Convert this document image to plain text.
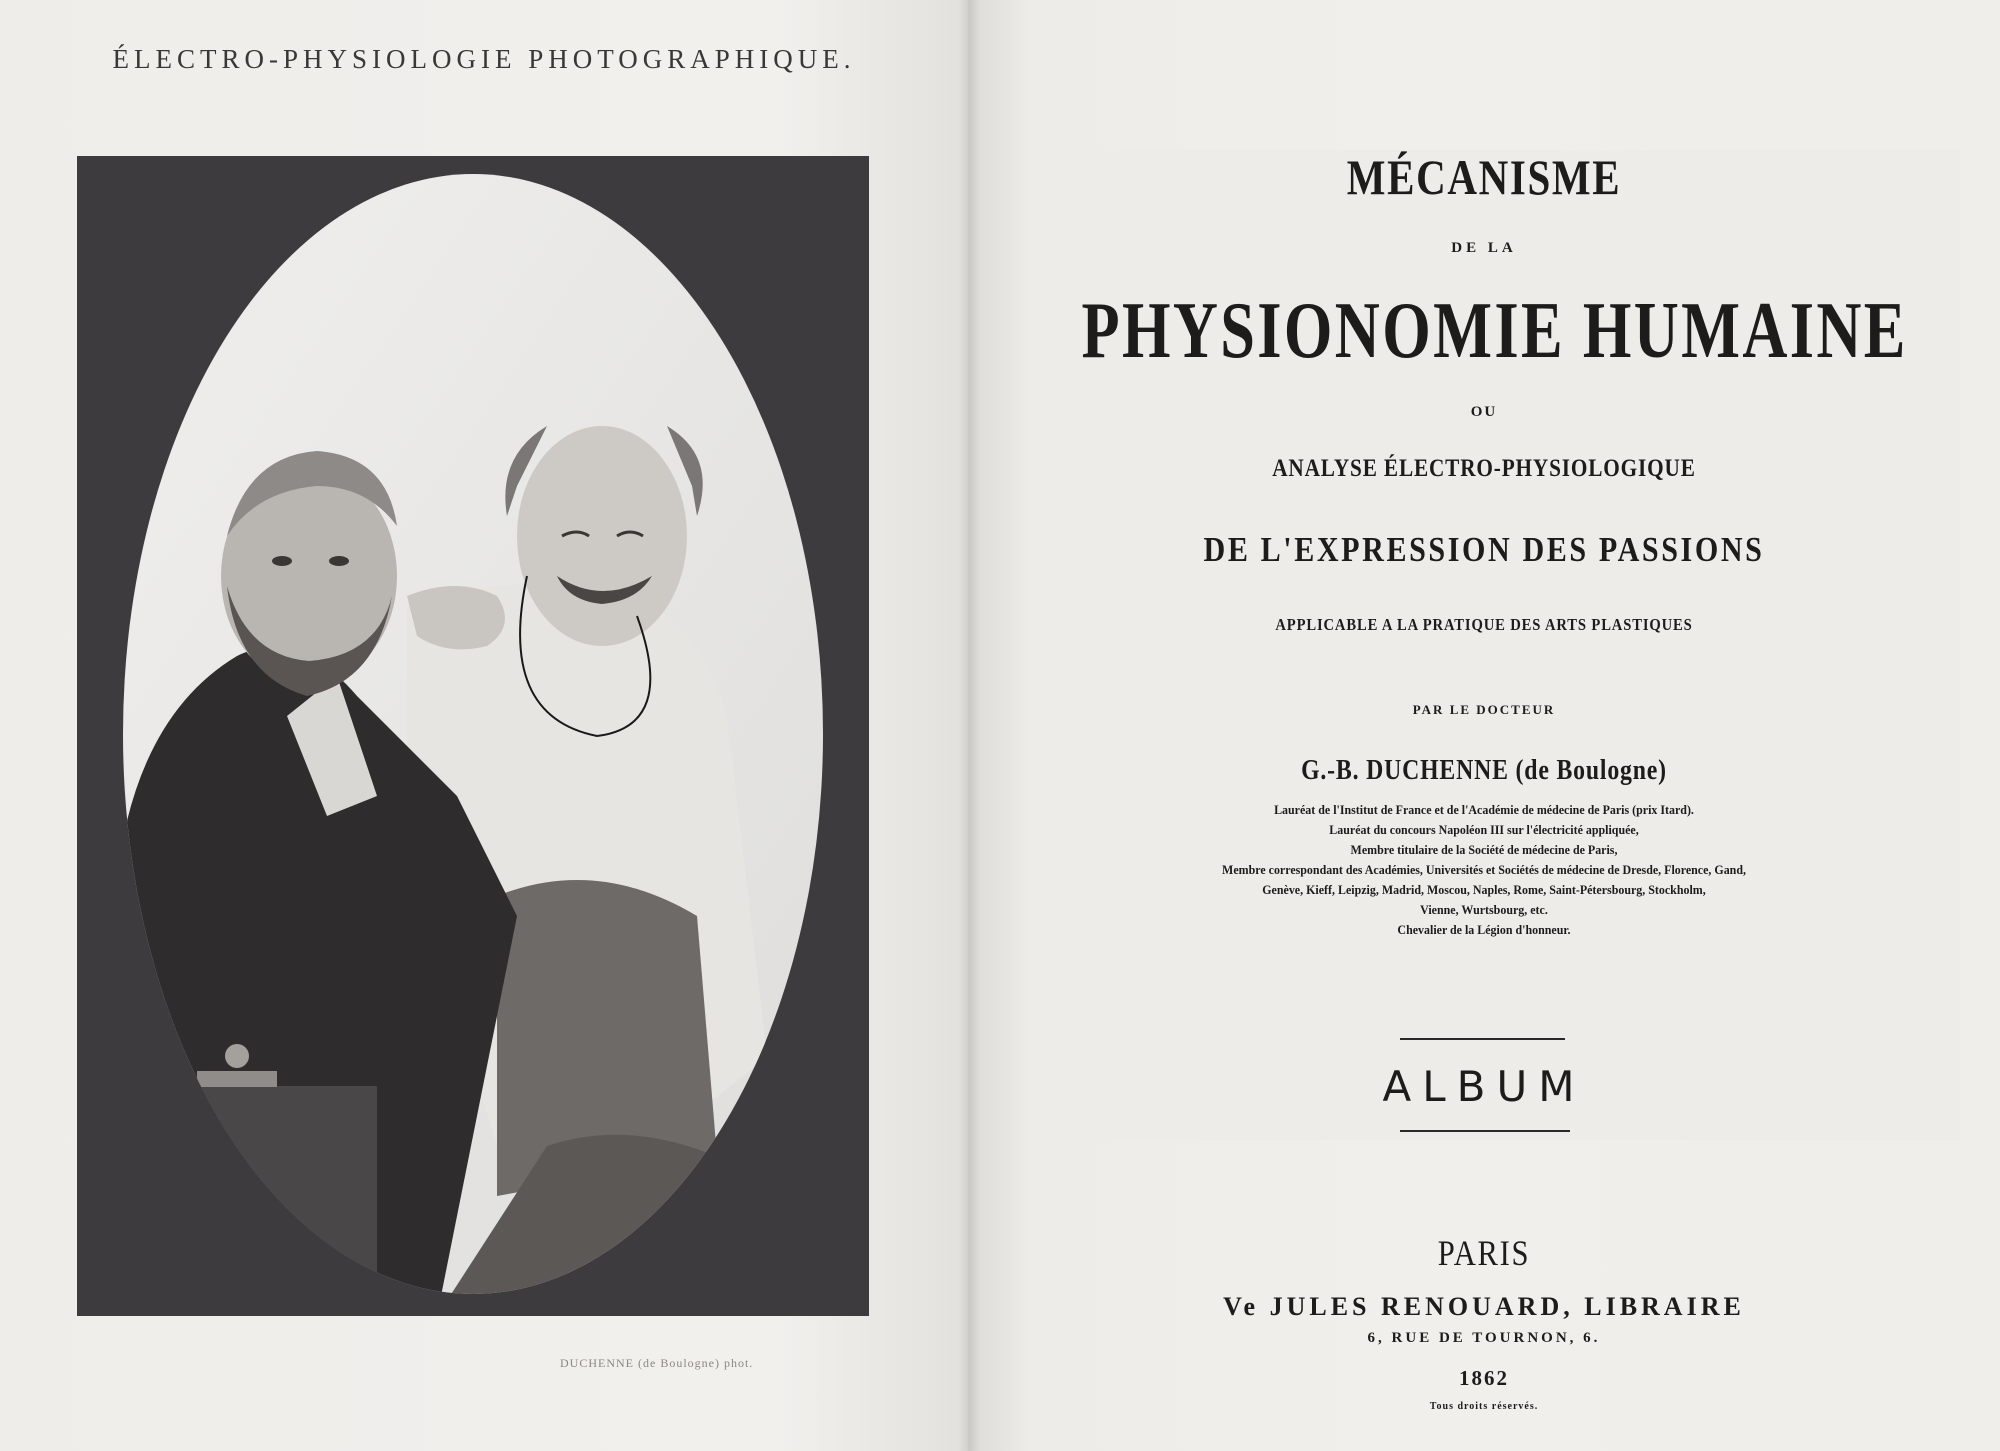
ÉLECTRO-PHYSIOLOGIE PHOTOGRAPHIQUE.
DUCHENNE (de Boulogne) phot.
MÉCANISME
DE LA
PHYSIONOMIE HUMAINE
OU
ANALYSE ÉLECTRO-PHYSIOLOGIQUE
DE L'EXPRESSION DES PASSIONS
APPLICABLE A LA PRATIQUE DES ARTS PLASTIQUES
PAR LE DOCTEUR
G.-B. DUCHENNE (de Boulogne)
Lauréat de l'Institut de France et de l'Académie de médecine de Paris (prix Itard).
Lauréat du concours Napoléon III sur l'électricité appliquée,
Membre titulaire de la Société de médecine de Paris,
Membre correspondant des Académies, Universités et Sociétés de médecine de Dresde, Florence, Gand,
Genève, Kieff, Leipzig, Madrid, Moscou, Naples, Rome, Saint-Pétersbourg, Stockholm,
Vienne, Wurtsbourg, etc.
Chevalier de la Légion d'honneur.
ALBUM
PARIS
Ve JULES RENOUARD, LIBRAIRE
6, RUE DE TOURNON, 6.
1862
Tous droits réservés.
